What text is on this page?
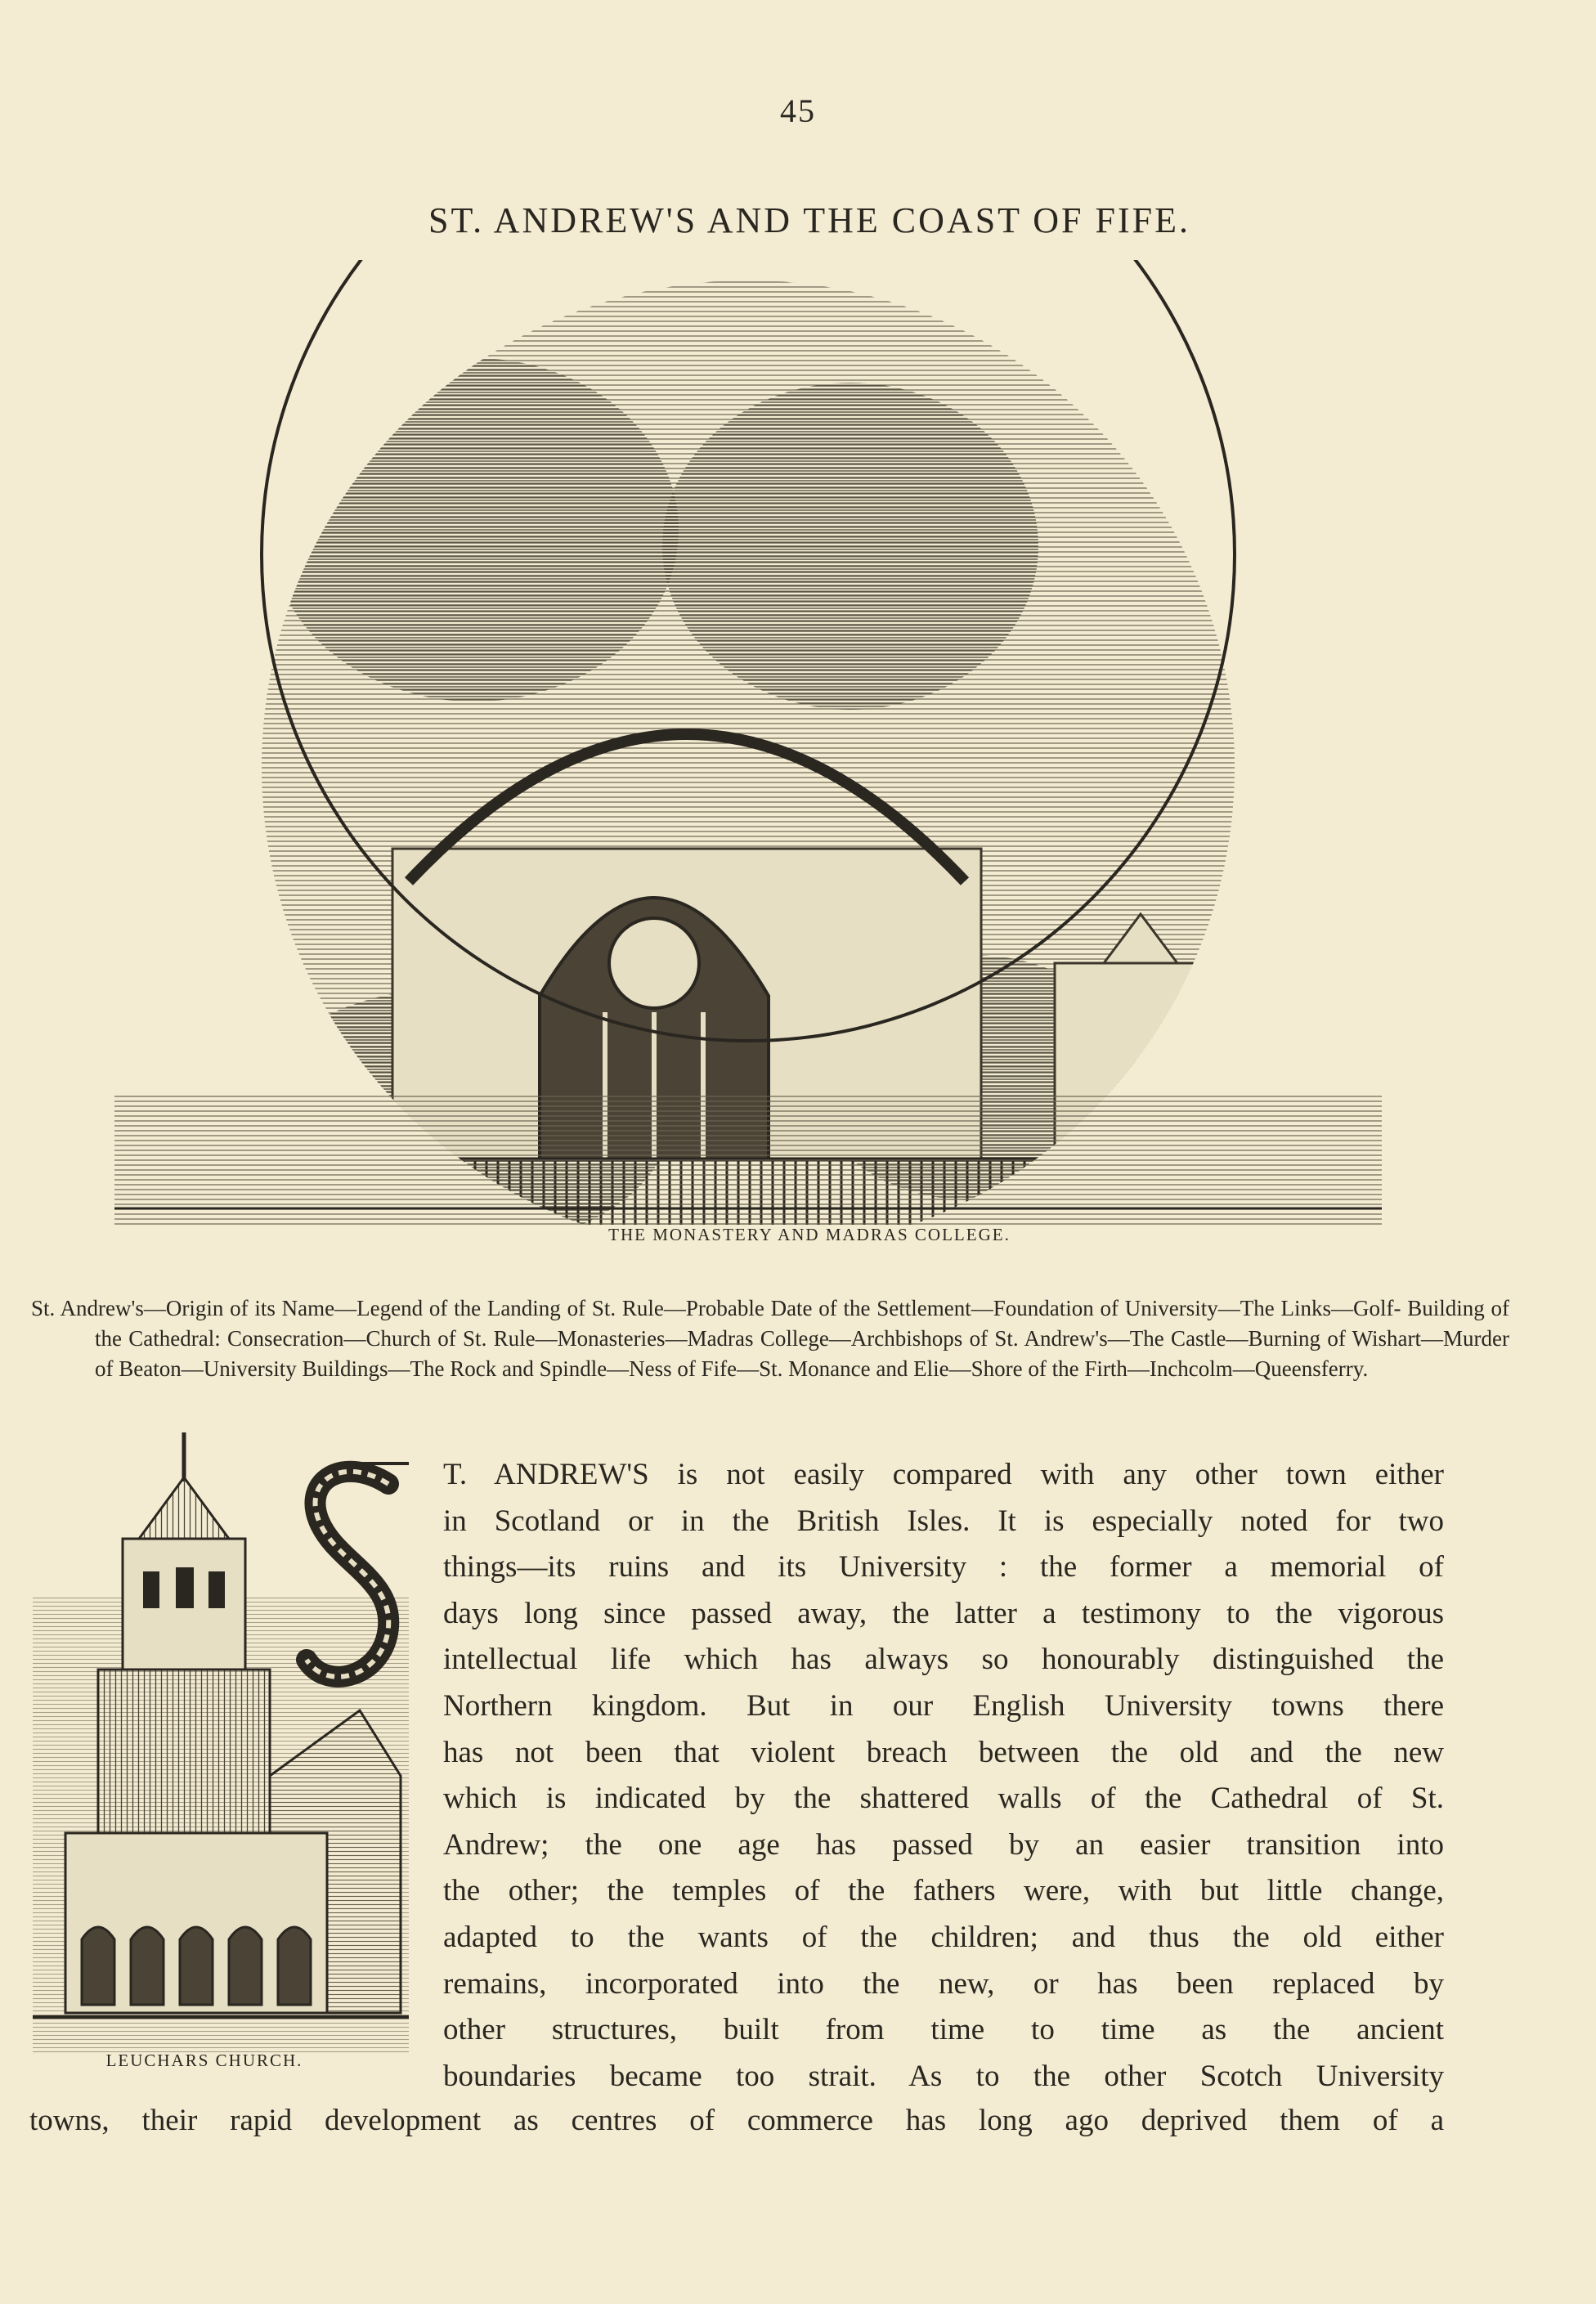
45
ST. ANDREW'S AND THE COAST OF FIFE.
THE MONASTERY AND MADRAS COLLEGE.
St. Andrew's—Origin of its Name—Legend of the Landing of St. Rule—Probable Date of the Settlement—Foundation of University—The Links—Golf- Building of the Cathedral: Consecration—Church of St. Rule—Monasteries—Madras College—Archbishops of St. Andrew's—The Castle—Burning of Wishart—Murder of Beaton—University Buildings—The Rock and Spindle—Ness of Fife—St. Monance and Elie—Shore of the Firth—Inchcolm—Queensferry.
LEUCHARS CHURCH.
T. ANDREW'S is not easily compared with any other town either
in Scotland or in the British Isles. It is especially noted for two
things—its ruins and its University : the former a memorial of
days long since passed away, the latter a testimony to the vigorous
intellectual life which has always so honourably distinguished the
Northern kingdom. But in our English University towns there
has not been that violent breach between the old and the new
which is indicated by the shattered walls of the Cathedral of St.
Andrew; the one age has passed by an easier transition into
the other; the temples of the fathers were, with but little change,
adapted to the wants of the children; and thus the old either
remains, incorporated into the new, or has been replaced by
other structures, built from time to time as the ancient
boundaries became too strait. As to the other Scotch University
towns, their rapid development as centres of commerce has long ago deprived them of a
